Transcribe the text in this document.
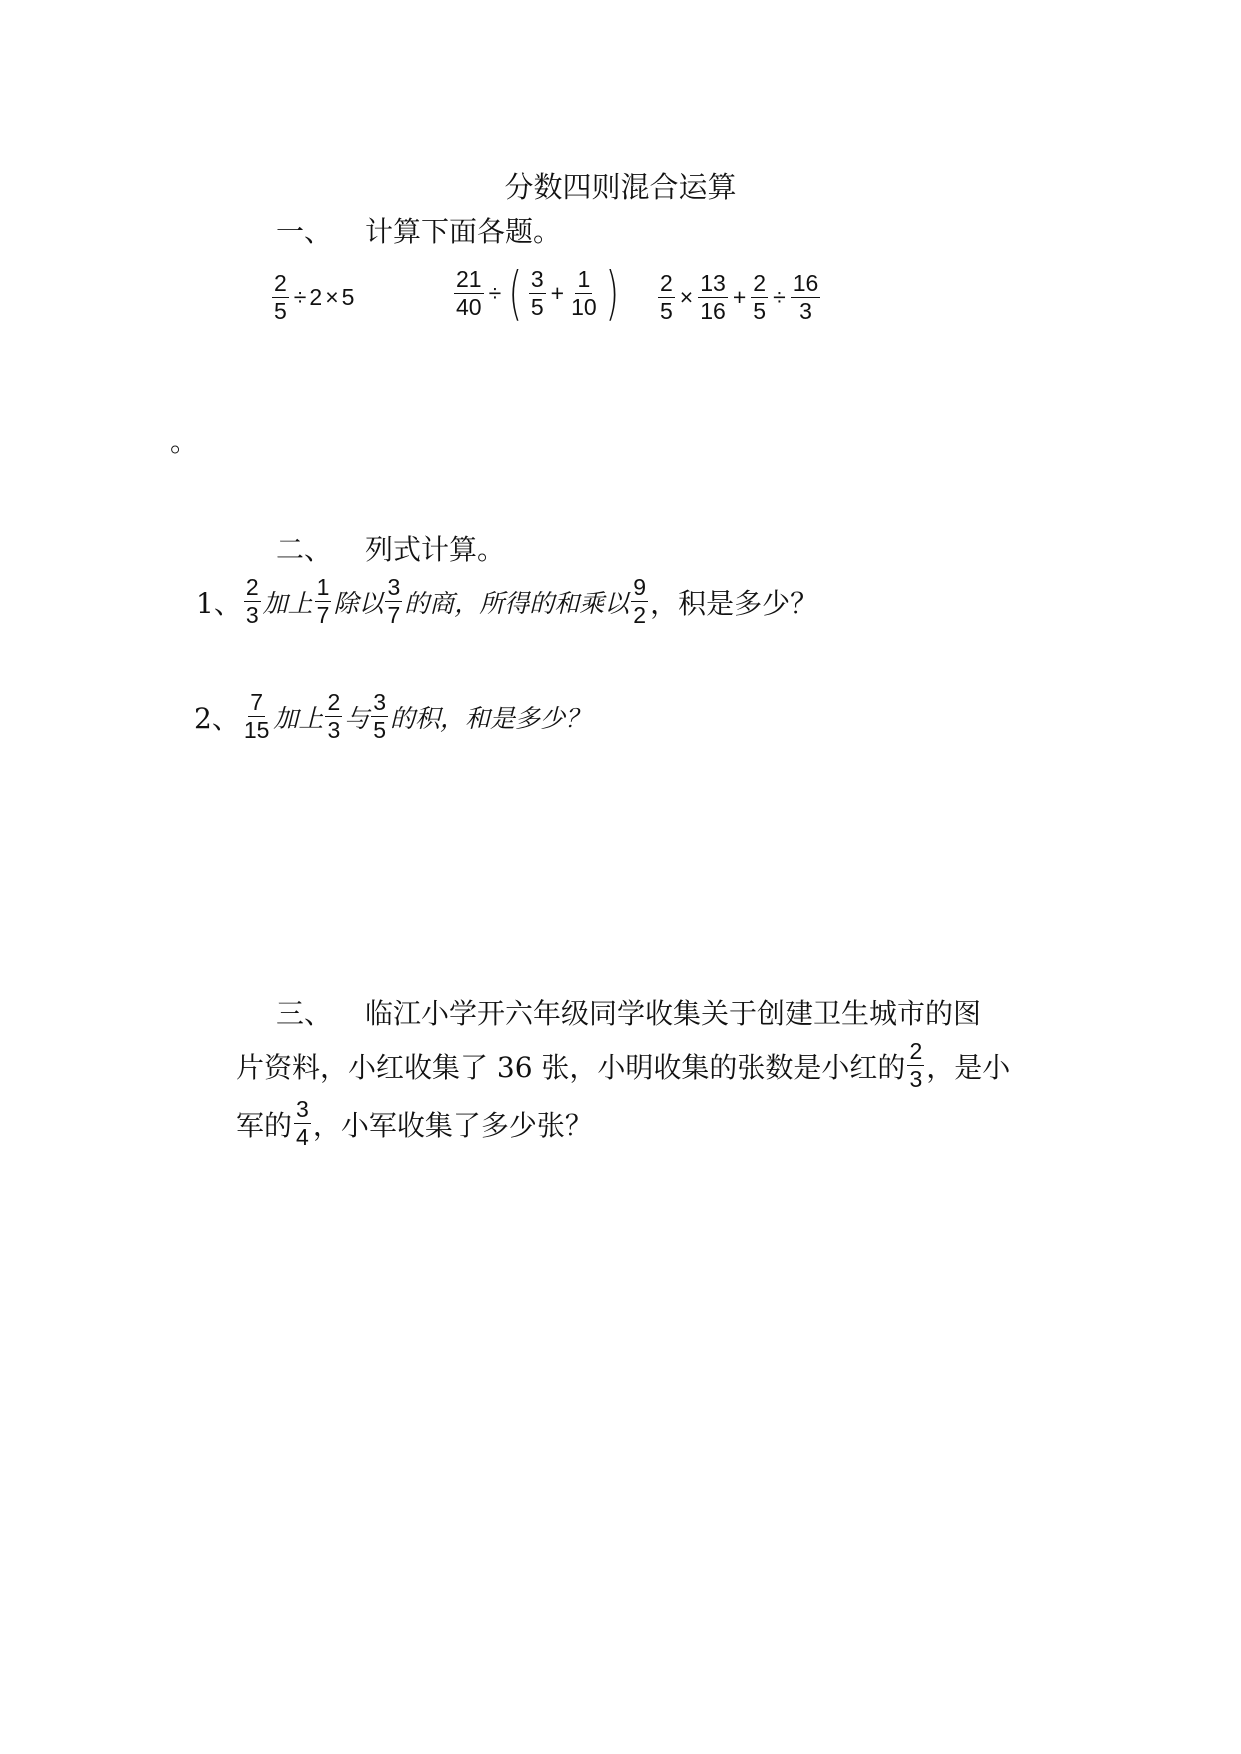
分数四则混合运算
一、 计算下面各题。
$\frac{2}{5} \div 2 \times 5$	$\frac{21}{40}$ ÷ ( $\frac{3}{5} + \frac{1}{10}$ ) $\frac{2}{5} \times \frac{13}{16} + \frac{2}{5} \div \frac{16}{3}$
。
二、 列式计算。
1、 $\frac{2}{3}$ 加上 $\frac{1}{7}$ 除以 $\frac{3}{7}$ 的商，所得的和乘以 $\frac{9}{2}$ ，积是多少？
2、 $\frac{7}{15}$ 加上 $\frac{2}{3}$ 与 $\frac{3}{5}$ 的积，和是多少？
三、 临江小学开六年级同学收集关于创建卫生城市的图
片资料，小红收集了 36 张，小明收集的张数是小红的 $\frac{2}{3}$ ，是小
军的 $\frac{3}{4}$ ，小军收集了多少张？
